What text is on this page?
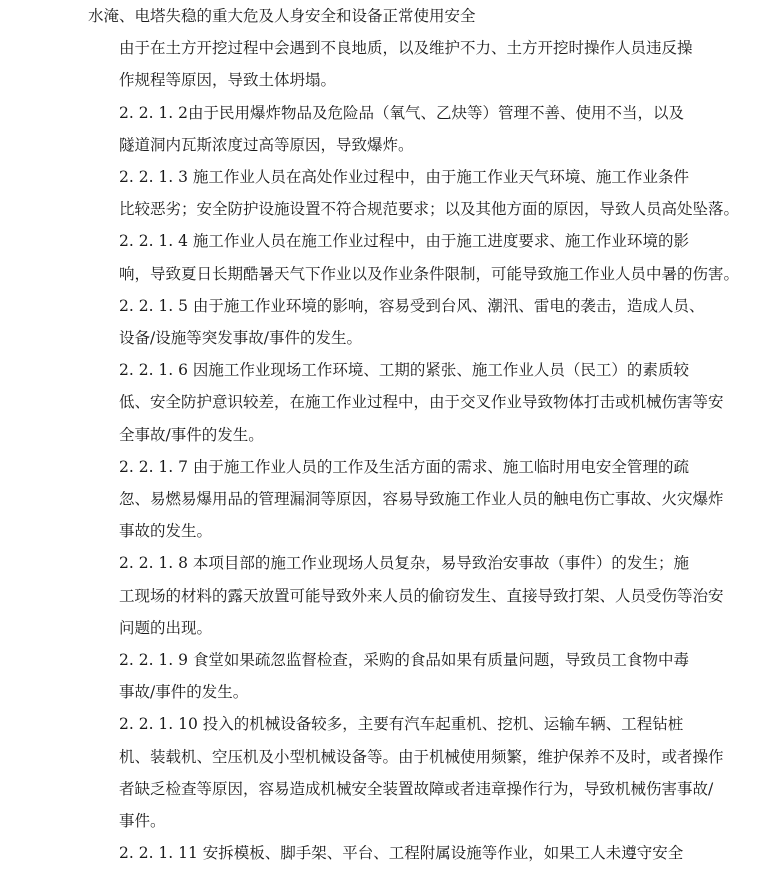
水淹、电塔失稳的重大危及人身安全和设备正常使用安全

由于在土方开挖过程中会遇到不良地质，以及维护不力、土方开挖时操作人员违反操
作规程等原因，导致土体坍塌。

2. 2. 1. 2由于民用爆炸物品及危险品（氧气、乙炔等）管理不善、使用不当，以及
隧道洞内瓦斯浓度过高等原因，导致爆炸。

2. 2. 1. 3 施工作业人员在高处作业过程中，由于施工作业天气环境、施工作业条件
比较恶劣；安全防护设施设置不符合规范要求；以及其他方面的原因，导致人员高处坠落。

2. 2. 1. 4 施工作业人员在施工作业过程中，由于施工进度要求、施工作业环境的影
响，导致夏日长期酷暑天气下作业以及作业条件限制，可能导致施工作业人员中暑的伤害。

2. 2. 1. 5 由于施工作业环境的影响，容易受到台风、潮汛、雷电的袭击，造成人员、
设备/设施等突发事故/事件的发生。

2. 2. 1. 6 因施工作业现场工作环境、工期的紧张、施工作业人员（民工）的素质较
低、安全防护意识较差，在施工作业过程中，由于交叉作业导致物体打击或机械伤害等安
全事故/事件的发生。

2. 2. 1. 7 由于施工作业人员的工作及生活方面的需求、施工临时用电安全管理的疏
忽、易燃易爆用品的管理漏洞等原因，容易导致施工作业人员的触电伤亡事故、火灾爆炸
事故的发生。

2. 2. 1. 8 本项目部的施工作业现场人员复杂，易导致治安事故（事件）的发生；施
工现场的材料的露天放置可能导致外来人员的偷窃发生、直接导致打架、人员受伤等治安
问题的出现。

2. 2. 1. 9 食堂如果疏忽监督检查，采购的食品如果有质量问题，导致员工食物中毒
事故/事件的发生。

2. 2. 1. 10 投入的机械设备较多，主要有汽车起重机、挖机、运输车辆、工程钻桩
机、装载机、空压机及小型机械设备等。由于机械使用频繁，维护保养不及时，或者操作
者缺乏检查等原因，容易造成机械安全装置故障或者违章操作行为，导致机械伤害事故/
事件。

2. 2. 1. 11 安拆模板、脚手架、平台、工程附属设施等作业，如果工人未遵守安全
